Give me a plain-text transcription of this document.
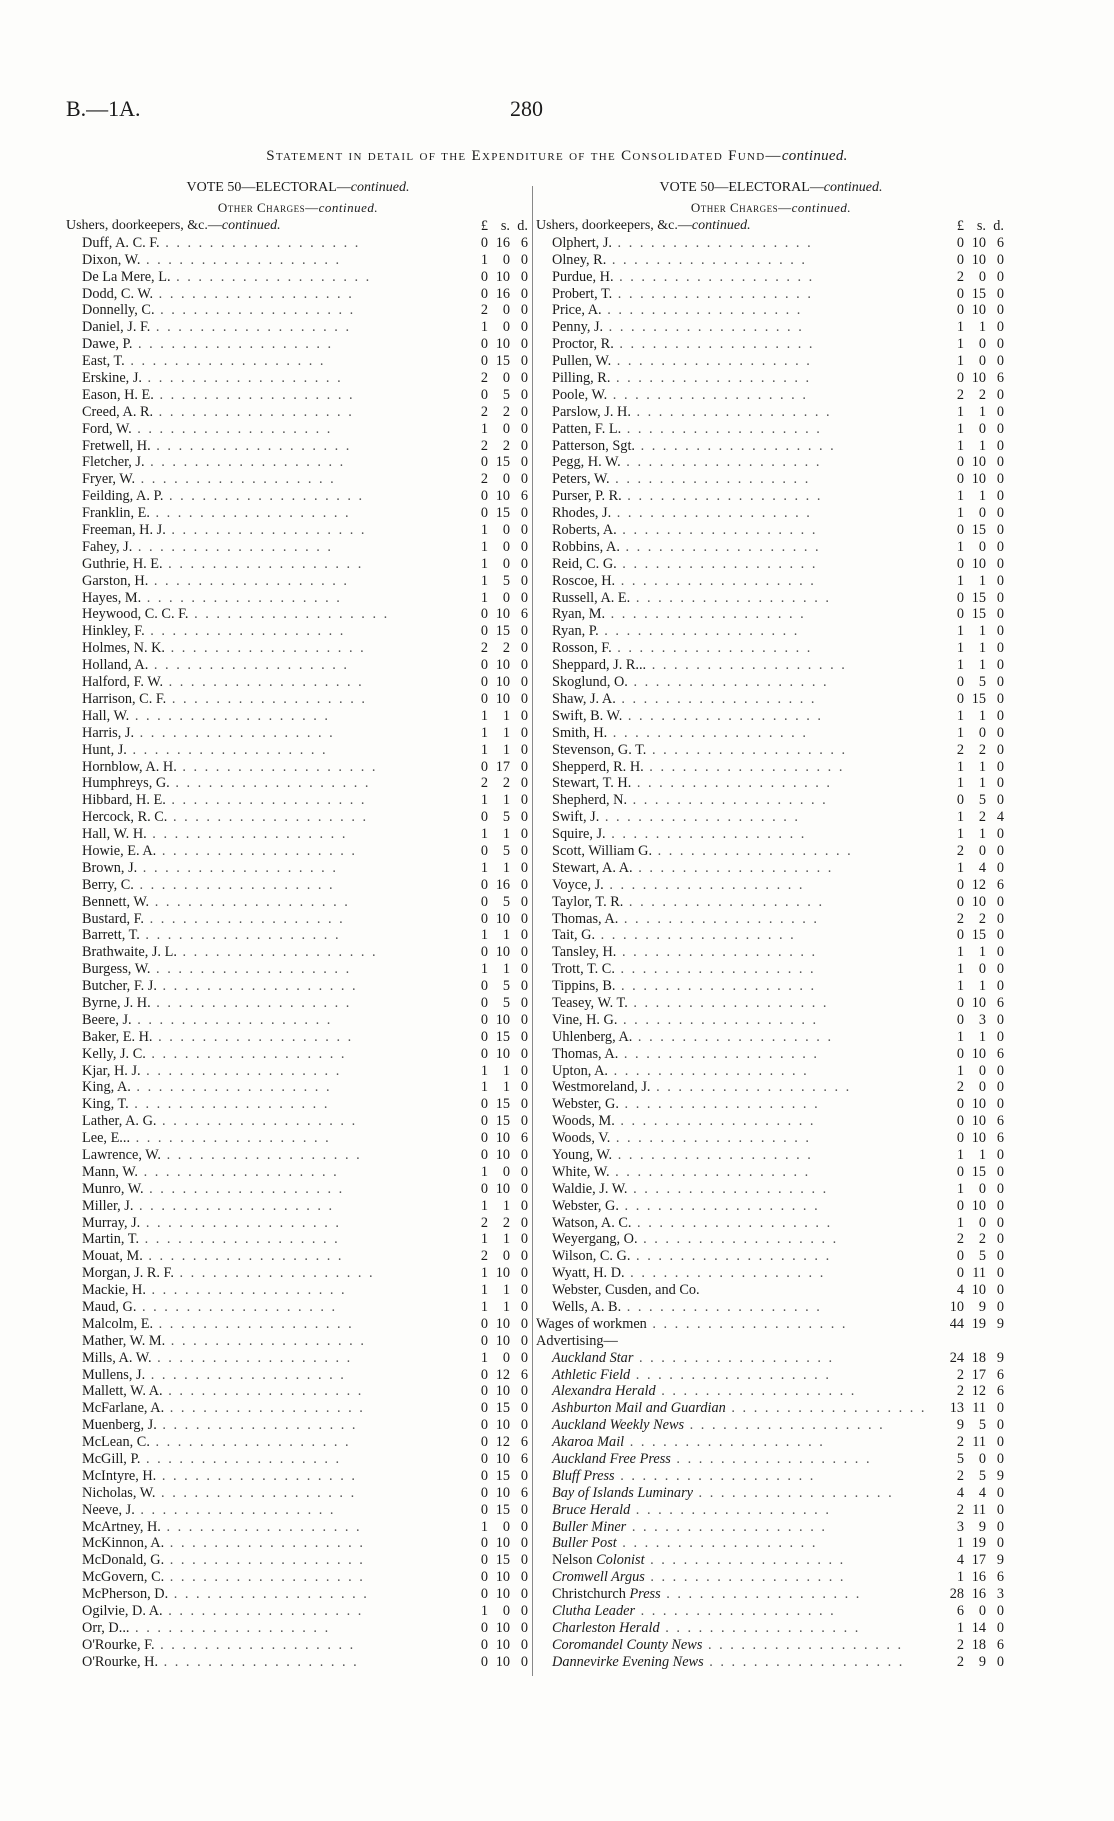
B.—1A.	280
Statement in detail of the Expenditure of the Consolidated Fund—continued.
VOTE 50—ELECTORAL—continued.
Other Charges—continued.
Ushers, doorkeepers, &c.—continued.	£ s. d.
Duff, A. C. F. . . . . . . . . . . . . . . . . . .	0 16 6
Dixon, W. . . . . . . . . . . . . . . . . . .	1	0 0
De La Mere, L. . . . . . . . . . . . . . . . . . .	0 10 0
Dodd, C. W. . . . . . . . . . . . . . . . . . .	0 16 0
Donnelly, C. . . . . . . . . . . . . . . . . . .	2	0 0
Daniel, J. F. . . . . . . . . . . . . . . . . . .	1	0 0
Dawe, P. . . . . . . . . . . . . . . . . . .	0 10 0
East, T. . . . . . . . . . . . . . . . . . .	0 15 0
Erskine, J. . . . . . . . . . . . . . . . . . .	2	0 0
Eason, H. E. . . . . . . . . . . . . . . . . . .	0	5 0
Creed, A. R. . . . . . . . . . . . . . . . . . .	2	2 0
Ford, W. . . . . . . . . . . . . . . . . . .	1	0 0
Fretwell, H. . . . . . . . . . . . . . . . . . .	2	2 0
Fletcher, J. . . . . . . . . . . . . . . . . . .	0 15 0
Fryer, W. . . . . . . . . . . . . . . . . . .	2	0 0
Feilding, A. P. . . . . . . . . . . . . . . . . . .	0 10 6
Franklin, E. . . . . . . . . . . . . . . . . . .	0 15 0
Freeman, H. J. . . . . . . . . . . . . . . . . . .	1	0 0
Fahey, J. . . . . . . . . . . . . . . . . . .	1	0 0
Guthrie, H. E. . . . . . . . . . . . . . . . . . .	1	0 0
Garston, H. . . . . . . . . . . . . . . . . . .	1	5 0
Hayes, M. . . . . . . . . . . . . . . . . . .	1	0 0
Heywood, C. C. F. . . . . . . . . . . . . . . . . . .	0 10 6
Hinkley, F. . . . . . . . . . . . . . . . . . .	0 15 0
Holmes, N. K. . . . . . . . . . . . . . . . . . .	2	2 0
Holland, A. . . . . . . . . . . . . . . . . . .	0 10 0
Halford, F. W. . . . . . . . . . . . . . . . . . .	0 10 0
Harrison, C. F. . . . . . . . . . . . . . . . . . .	0 10 0
Hall, W. . . . . . . . . . . . . . . . . . .	1	1 0
Harris, J. . . . . . . . . . . . . . . . . . .	1	1 0
Hunt, J. . . . . . . . . . . . . . . . . . .	1	1 0
Hornblow, A. H. . . . . . . . . . . . . . . . . . .	0 17 0
Humphreys, G. . . . . . . . . . . . . . . . . . .	2	2 0
Hibbard, H. E. . . . . . . . . . . . . . . . . . .	1	1 0
Hercock, R. C. . . . . . . . . . . . . . . . . . .	0	5 0
Hall, W. H. . . . . . . . . . . . . . . . . . .	1	1 0
Howie, E. A. . . . . . . . . . . . . . . . . . .	0	5 0
Brown, J. . . . . . . . . . . . . . . . . . .	1	1 0
Berry, C. . . . . . . . . . . . . . . . . . .	0 16 0
Bennett, W. . . . . . . . . . . . . . . . . . .	0	5 0
Bustard, F. . . . . . . . . . . . . . . . . . .	0 10 0
Barrett, T. . . . . . . . . . . . . . . . . . .	1	1 0
Brathwaite, J. L. . . . . . . . . . . . . . . . . . .	0 10 0
Burgess, W. . . . . . . . . . . . . . . . . . .	1	1 0
Butcher, F. J. . . . . . . . . . . . . . . . . . .	0	5 0
Byrne, J. H. . . . . . . . . . . . . . . . . . .	0	5 0
Beere, J. . . . . . . . . . . . . . . . . . .	0 10 0
Baker, E. H. . . . . . . . . . . . . . . . . . .	0 15 0
Kelly, J. C. . . . . . . . . . . . . . . . . . .	0 10 0
Kjar, H. J. . . . . . . . . . . . . . . . . . .	1	1 0
King, A. . . . . . . . . . . . . . . . . . .	1	1 0
King, T. . . . . . . . . . . . . . . . . . .	0 15 0
Lather, A. G. . . . . . . . . . . . . . . . . . .	0 15 0
Lee, E... . . . . . . . . . . . . . . . . . .	0 10 6
Lawrence, W. . . . . . . . . . . . . . . . . . .	0 10 0
Mann, W. . . . . . . . . . . . . . . . . . .	1	0 0
Munro, W. . . . . . . . . . . . . . . . . . .	0 10 0
Miller, J. . . . . . . . . . . . . . . . . . .	1	1 0
Murray, J. . . . . . . . . . . . . . . . . . .	2	2 0
Martin, T. . . . . . . . . . . . . . . . . . .	1	1 0
Mouat, M. . . . . . . . . . . . . . . . . . .	2	0 0
Morgan, J. R. F. . . . . . . . . . . . . . . . . . .	1 10 0
Mackie, H. . . . . . . . . . . . . . . . . . .	1	1 0
Maud, G. . . . . . . . . . . . . . . . . . .	1	1 0
Malcolm, E. . . . . . . . . . . . . . . . . . .	0 10 0
Mather, W. M. . . . . . . . . . . . . . . . . . .	0 10 0
Mills, A. W. . . . . . . . . . . . . . . . . . .	1	0 0
Mullens, J. . . . . . . . . . . . . . . . . . .	0 12 6
Mallett, W. A. . . . . . . . . . . . . . . . . . .	0 10 0
McFarlane, A. . . . . . . . . . . . . . . . . . .	0 15 0
Muenberg, J. . . . . . . . . . . . . . . . . . .	0 10 0
McLean, C. . . . . . . . . . . . . . . . . . .	0 12 6
McGill, P. . . . . . . . . . . . . . . . . . .	0 10 6
McIntyre, H. . . . . . . . . . . . . . . . . . .	0 15 0
Nicholas, W. . . . . . . . . . . . . . . . . . .	0 10 6
Neeve, J. . . . . . . . . . . . . . . . . . .	0 15 0
McArtney, H. . . . . . . . . . . . . . . . . . .	1	0 0
McKinnon, A. . . . . . . . . . . . . . . . . . .	0 10 0
McDonald, G. . . . . . . . . . . . . . . . . . .	0 15 0
McGovern, C. . . . . . . . . . . . . . . . . . .	0 10 0
McPherson, D. . . . . . . . . . . . . . . . . . .	0 10 0
Ogilvie, D. A. . . . . . . . . . . . . . . . . . .	1	0 0
Orr, D... . . . . . . . . . . . . . . . . . .	0 10 0
O'Rourke, F. . . . . . . . . . . . . . . . . . .	0 10 0
O'Rourke, H. . . . . . . . . . . . . . . . . . .	0 10 0
VOTE 50—ELECTORAL—continued.
Other Charges—continued.
Ushers, doorkeepers, &c.—continued.	£ s. d.
Olphert, J. . . . . . . . . . . . . . . . . . .	0 10 6
Olney, R. . . . . . . . . . . . . . . . . . .	0 10 0
Purdue, H. . . . . . . . . . . . . . . . . . .	2	0 0
Probert, T. . . . . . . . . . . . . . . . . . .	0 15 0
Price, A. . . . . . . . . . . . . . . . . . .	0 10 0
Penny, J. . . . . . . . . . . . . . . . . . .	1	1 0
Proctor, R. . . . . . . . . . . . . . . . . . .	1	0 0
Pullen, W. . . . . . . . . . . . . . . . . . .	1	0 0
Pilling, R. . . . . . . . . . . . . . . . . . .	0 10 6
Poole, W. . . . . . . . . . . . . . . . . . .	2	2 0
Parslow, J. H. . . . . . . . . . . . . . . . . . .	1	1 0
Patten, F. L. . . . . . . . . . . . . . . . . . .	1	0 0
Patterson, Sgt. . . . . . . . . . . . . . . . . . .	1	1 0
Pegg, H. W. . . . . . . . . . . . . . . . . . .	0 10 0
Peters, W. . . . . . . . . . . . . . . . . . .	0 10 0
Purser, P. R. . . . . . . . . . . . . . . . . . .	1	1 0
Rhodes, J. . . . . . . . . . . . . . . . . . .	1	0 0
Roberts, A. . . . . . . . . . . . . . . . . . .	0 15 0
Robbins, A. . . . . . . . . . . . . . . . . . .	1	0 0
Reid, C. G. . . . . . . . . . . . . . . . . . .	0 10 0
Roscoe, H. . . . . . . . . . . . . . . . . . .	1	1 0
Russell, A. E. . . . . . . . . . . . . . . . . . .	0 15 0
Ryan, M. . . . . . . . . . . . . . . . . . .	0 15 0
Ryan, P. . . . . . . . . . . . . . . . . . .	1	1 0
Rosson, F. . . . . . . . . . . . . . . . . . .	1	1 0
Sheppard, J. R... . . . . . . . . . . . . . . . . . .	1	1 0
Skoglund, O. . . . . . . . . . . . . . . . . . .	0	5 0
Shaw, J. A. . . . . . . . . . . . . . . . . . .	0 15 0
Swift, B. W. . . . . . . . . . . . . . . . . . .	1	1 0
Smith, H. . . . . . . . . . . . . . . . . . .	1	0 0
Stevenson, G. T. . . . . . . . . . . . . . . . . . .	2	2 0
Shepperd, R. H. . . . . . . . . . . . . . . . . . .	1	1 0
Stewart, T. H. . . . . . . . . . . . . . . . . . .	1	1 0
Shepherd, N. . . . . . . . . . . . . . . . . . .	0	5 0
Swift, J. . . . . . . . . . . . . . . . . . .	1	2 4
Squire, J. . . . . . . . . . . . . . . . . . .	1	1 0
Scott, William G. . . . . . . . . . . . . . . . . . .	2	0 0
Stewart, A. A. . . . . . . . . . . . . . . . . . .	1	4 0
Voyce, J. . . . . . . . . . . . . . . . . . .	0 12 6
Taylor, T. R. . . . . . . . . . . . . . . . . . .	0 10 0
Thomas, A. . . . . . . . . . . . . . . . . . .	2	2 0
Tait, G. . . . . . . . . . . . . . . . . . .	0 15 0
Tansley, H. . . . . . . . . . . . . . . . . . .	1	1 0
Trott, T. C. . . . . . . . . . . . . . . . . . .	1	0 0
Tippins, B. . . . . . . . . . . . . . . . . . .	1	1 0
Teasey, W. T. . . . . . . . . . . . . . . . . . .	0 10 6
Vine, H. G. . . . . . . . . . . . . . . . . . .	0	3 0
Uhlenberg, A. . . . . . . . . . . . . . . . . . .	1	1 0
Thomas, A. . . . . . . . . . . . . . . . . . .	0 10 6
Upton, A. . . . . . . . . . . . . . . . . . .	1	0 0
Westmoreland, J. . . . . . . . . . . . . . . . . . .	2	0 0
Webster, G. . . . . . . . . . . . . . . . . . .	0 10 0
Woods, M. . . . . . . . . . . . . . . . . . .	0 10 6
Woods, V. . . . . . . . . . . . . . . . . . .	0 10 6
Young, W. . . . . . . . . . . . . . . . . . .	1	1 0
White, W. . . . . . . . . . . . . . . . . . .	0 15 0
Waldie, J. W. . . . . . . . . . . . . . . . . . .	1	0 0
Webster, G. . . . . . . . . . . . . . . . . . .	0 10 0
Watson, A. C. . . . . . . . . . . . . . . . . . .	1	0 0
Weyergang, O. . . . . . . . . . . . . . . . . . .	2	2 0
Wilson, C. G. . . . . . . . . . . . . . . . . . .	0	5 0
Wyatt, H. D. . . . . . . . . . . . . . . . . . .	0 11 0
Webster, Cusden, and Co.	4 10 0
Wells, A. B. . . . . . . . . . . . . . . . . . .	10	9 0
Wages of workmen . . . . . . . . . . . . . . . . . .	44 19 9
Advertising—
Auckland Star . . . . . . . . . . . . . . . . . .	24 18 9
Athletic Field . . . . . . . . . . . . . . . . . .	2 17 6
Alexandra Herald . . . . . . . . . . . . . . . . . .	2 12 6
Ashburton Mail and Guardian . . . . . . . . . . . . . . . . . .	13 11 0
Auckland Weekly News . . . . . . . . . . . . . . . . . .	9	5 0
Akaroa Mail . . . . . . . . . . . . . . . . . .	2 11 0
Auckland Free Press . . . . . . . . . . . . . . . . . .	5	0 0
Bluff Press . . . . . . . . . . . . . . . . . .	2	5 9
Bay of Islands Luminary . . . . . . . . . . . . . . . . . .	4	4 0
Bruce Herald . . . . . . . . . . . . . . . . . .	2 11 0
Buller Miner . . . . . . . . . . . . . . . . . .	3	9 0
Buller Post . . . . . . . . . . . . . . . . . .	1 19 0
Nelson Colonist . . . . . . . . . . . . . . . . . .	4 17 9
Cromwell Argus . . . . . . . . . . . . . . . . . .	1 16 6
Christchurch Press . . . . . . . . . . . . . . . . . .	28 16 3
Clutha Leader . . . . . . . . . . . . . . . . . .	6	0 0
Charleston Herald . . . . . . . . . . . . . . . . . .	1 14 0
Coromandel County News . . . . . . . . . . . . . . . . . .	2 18 6
Dannevirke Evening News . . . . . . . . . . . . . . . . . .	2	9 0
